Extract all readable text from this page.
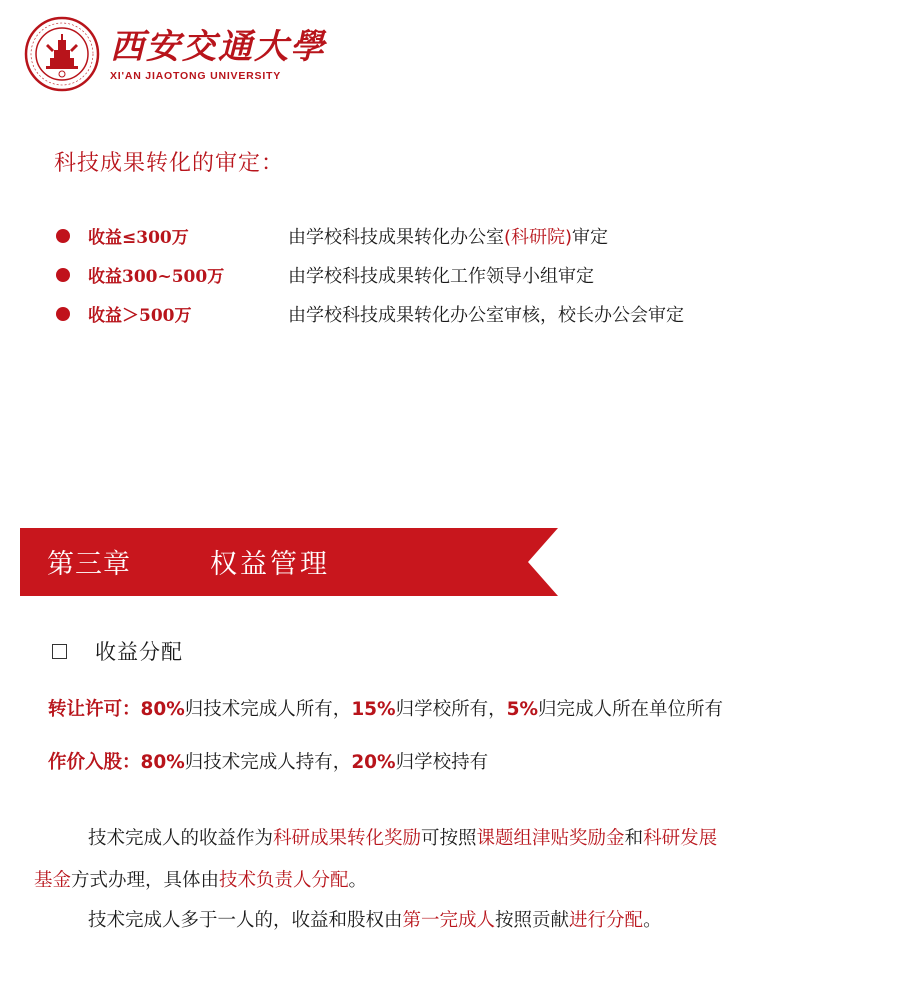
西安交通大學
XI'AN JIAOTONG UNIVERSITY
科技成果转化的审定：
收益≤300万	由学校科技成果转化办公室(科研院)审定
收益300~500万	由学校科技成果转化工作领导小组审定
收益＞500万	由学校科技成果转化办公室审核，校长办公会审定
第三章	权益管理
收益分配
转让许可：80%归技术完成人所有，15%归学校所有，5%归完成人所在单位所有
作价入股：80%归技术完成人持有，20%归学校持有
技术完成人的收益作为科研成果转化奖励可按照课题组津贴奖励金和科研发展
基金方式办理，具体由技术负责人分配。
技术完成人多于一人的，收益和股权由第一完成人按照贡献进行分配。
